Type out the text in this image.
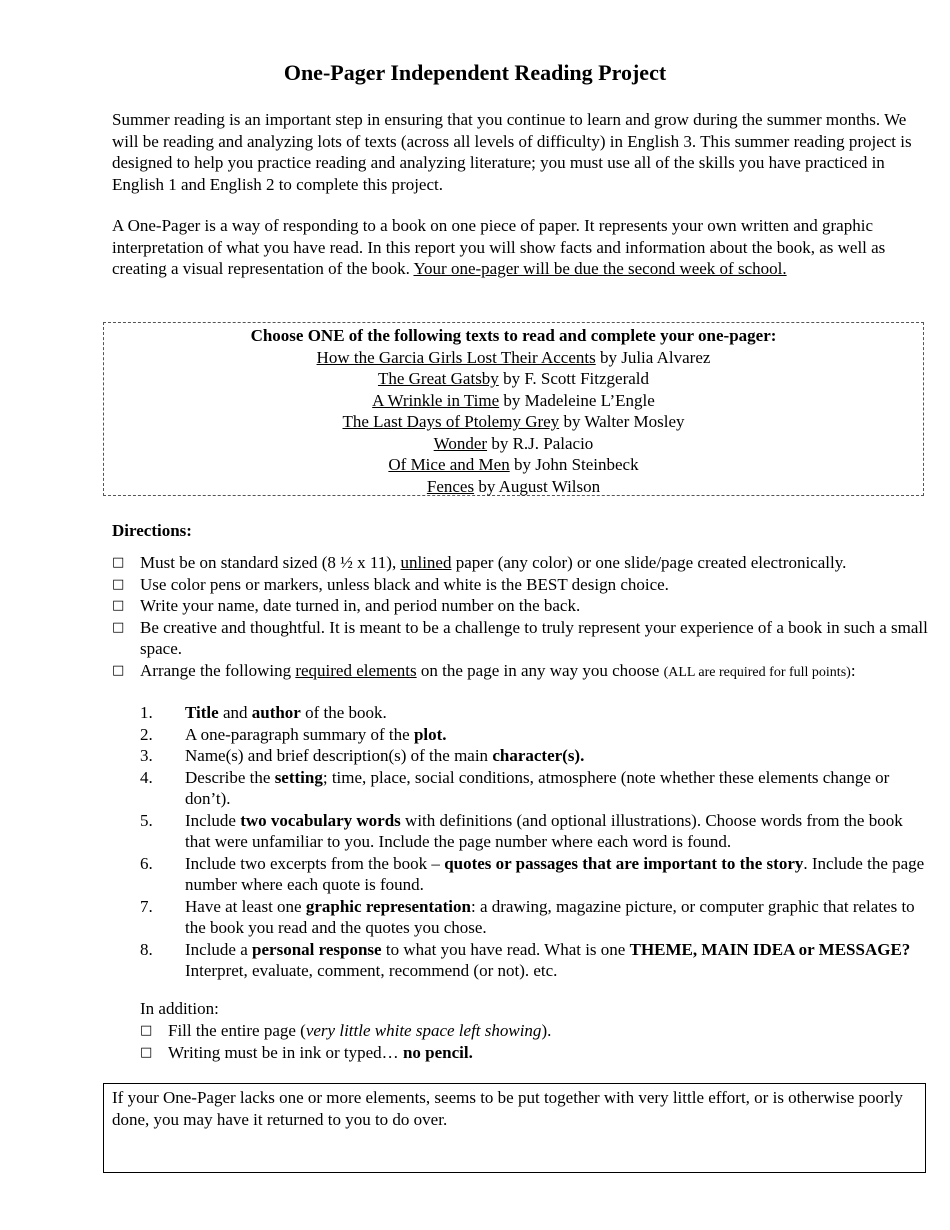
One-Pager Independent Reading Project

Summer reading is an important step in ensuring that you continue to learn and grow during the summer months. We will be reading and analyzing lots of texts (across all levels of difficulty) in English 3. This summer reading project is designed to help you practice reading and analyzing literature; you must use all of the skills you have practiced in English 1 and English 2 to complete this project.

A One-Pager is a way of responding to a book on one piece of paper. It represents your own written and graphic interpretation of what you have read. In this report you will show facts and information about the book, as well as creating a visual representation of the book. Your one-pager will be due the second week of school.

Choose ONE of the following texts to read and complete your one-pager:
How the Garcia Girls Lost Their Accents by Julia Alvarez
The Great Gatsby by F. Scott Fitzgerald
A Wrinkle in Time by Madeleine L’Engle
The Last Days of Ptolemy Grey by Walter Mosley
Wonder by R.J. Palacio
Of Mice and Men by John Steinbeck
Fences by August Wilson

Directions:

□ Must be on standard sized (8 ½ x 11), unlined paper (any color) or one slide/page created electronically.
□ Use color pens or markers, unless black and white is the BEST design choice.
□ Write your name, date turned in, and period number on the back.
□ Be creative and thoughtful. It is meant to be a challenge to truly represent your experience of a book in such a small space.
□ Arrange the following required elements on the page in any way you choose (ALL are required for full points):
1. Title and author of the book.
2. A one-paragraph summary of the plot.
3. Name(s) and brief description(s) of the main character(s).
4. Describe the setting; time, place, social conditions, atmosphere (note whether these elements change or don’t).
5. Include two vocabulary words with definitions (and optional illustrations). Choose words from the book that were unfamiliar to you. Include the page number where each word is found.
6. Include two excerpts from the book – quotes or passages that are important to the story. Include the page number where each quote is found.
7. Have at least one graphic representation: a drawing, magazine picture, or computer graphic that relates to the book you read and the quotes you chose.
8. Include a personal response to what you have read. What is one THEME, MAIN IDEA or MESSAGE? Interpret, evaluate, comment, recommend (or not). etc.

In addition:

□ Fill the entire page (very little white space left showing).
□ Writing must be in ink or typed… no pencil.
If your One-Pager lacks one or more elements, seems to be put together with very little effort, or is otherwise poorly done, you may have it returned to you to do over.
